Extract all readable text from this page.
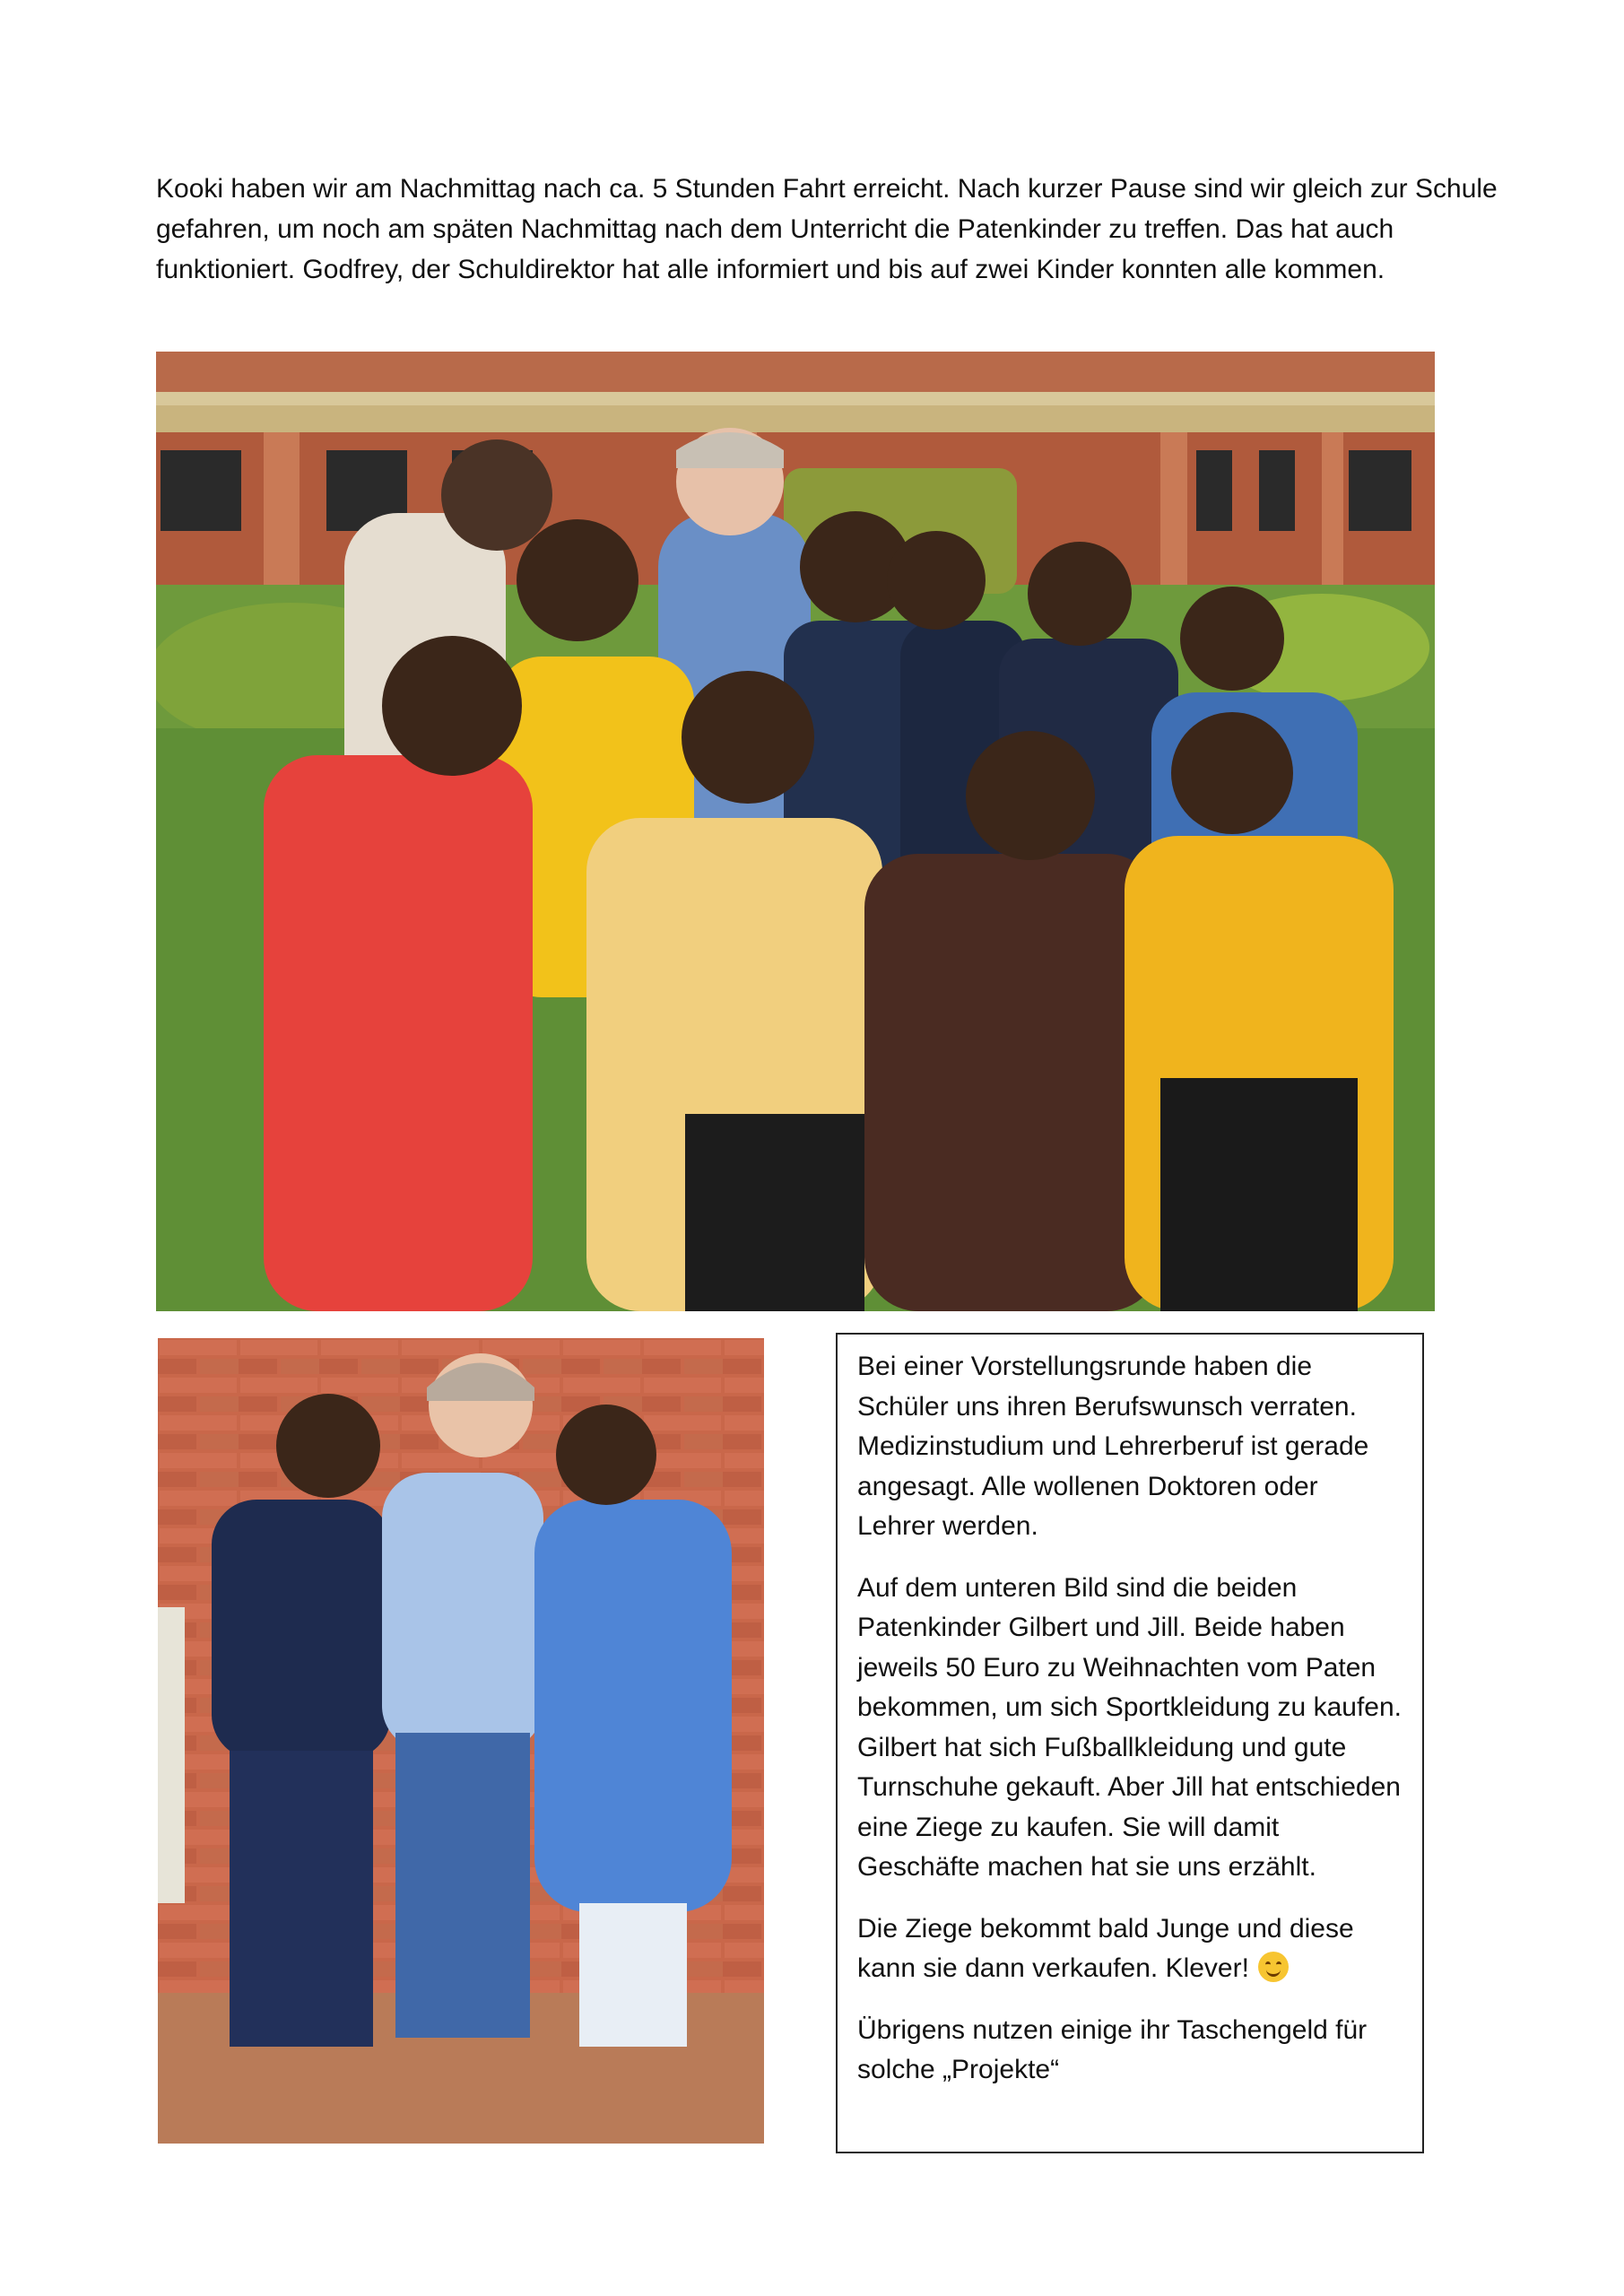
Kooki haben wir am Nachmittag nach ca. 5 Stunden Fahrt erreicht. Nach kurzer Pause sind wir gleich zur Schule gefahren, um noch am späten Nachmittag nach dem Unterricht die Patenkinder zu treffen. Das hat auch funktioniert. Godfrey, der Schuldirektor hat alle informiert und bis auf zwei Kinder konnten alle kommen.

Bei einer Vorstellungsrunde haben die Schüler uns ihren Berufswunsch verraten. Medizinstudium und Lehrerberuf ist gerade angesagt. Alle wollenen Doktoren oder Lehrer werden.

Auf dem unteren Bild sind die beiden Patenkinder Gilbert und Jill. Beide haben jeweils 50 Euro zu Weihnachten vom Paten bekommen, um sich Sportkleidung zu kaufen. Gilbert hat sich Fußballkleidung und gute Turnschuhe gekauft. Aber Jill hat entschieden eine Ziege zu kaufen. Sie will damit Geschäfte machen hat sie uns erzählt.

Die Ziege bekommt bald Junge und diese kann sie dann verkaufen. Klever!

Übrigens nutzen einige ihr Taschengeld für solche „Projekte“
